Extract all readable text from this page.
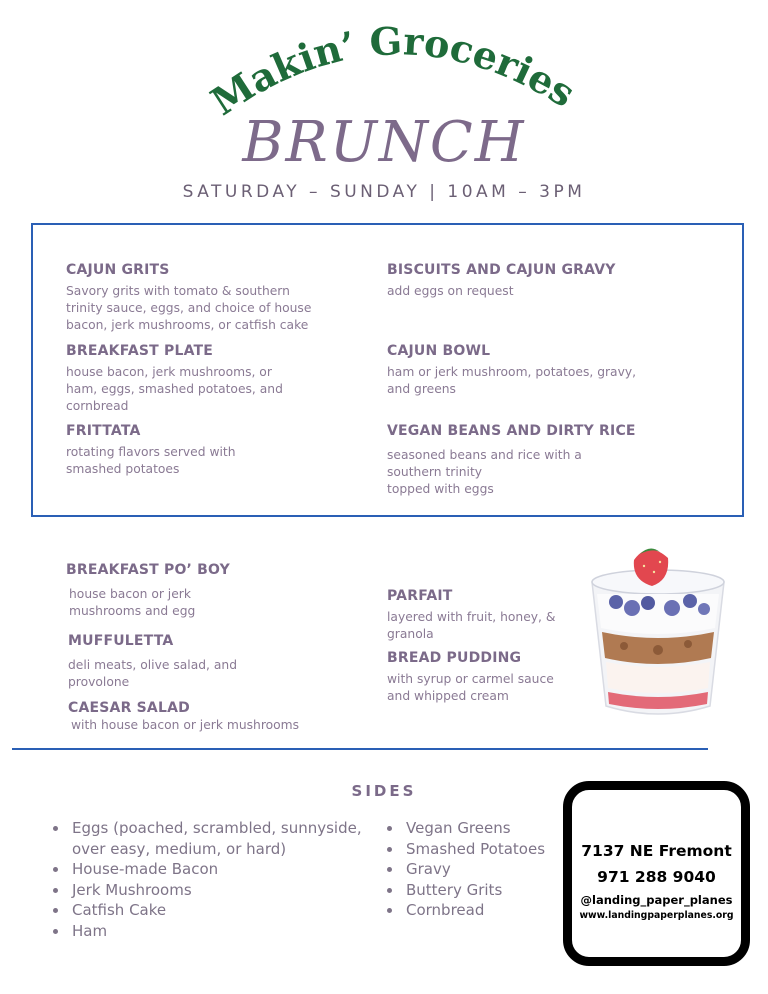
Makin’ Groceries
BRUNCH
SATURDAY – SUNDAY | 10AM – 3PM
CAJUN GRITS
Savory grits with tomato & southern
trinity sauce, eggs, and choice of house
bacon, jerk mushrooms, or catfish cake
BISCUITS AND CAJUN GRAVY
add eggs on request
BREAKFAST PLATE
house bacon, jerk mushrooms, or
ham, eggs, smashed potatoes, and
cornbread
CAJUN BOWL
ham or jerk mushroom, potatoes, gravy,
and greens
FRITTATA
rotating flavors served with
smashed potatoes
VEGAN BEANS AND DIRTY RICE
seasoned beans and rice with a
southern trinity
topped with eggs
BREAKFAST PO’ BOY
house bacon or jerk
mushrooms and egg
MUFFULETTA
deli meats, olive salad, and
provolone
CAESAR SALAD
with house bacon or jerk mushrooms
PARFAIT
layered with fruit, honey, &
granola
BREAD PUDDING
with syrup or carmel sauce
and whipped cream
SIDES
Eggs (poached, scrambled, sunnyside, over easy, medium, or hard)
House-made Bacon
Jerk Mushrooms
Catfish Cake
Ham
Vegan Greens
Smashed Potatoes
Gravy
Buttery Grits
Cornbread
7137 NE Fremont
971 288 9040
@landing_paper_planes
www.landingpaperplanes.org
